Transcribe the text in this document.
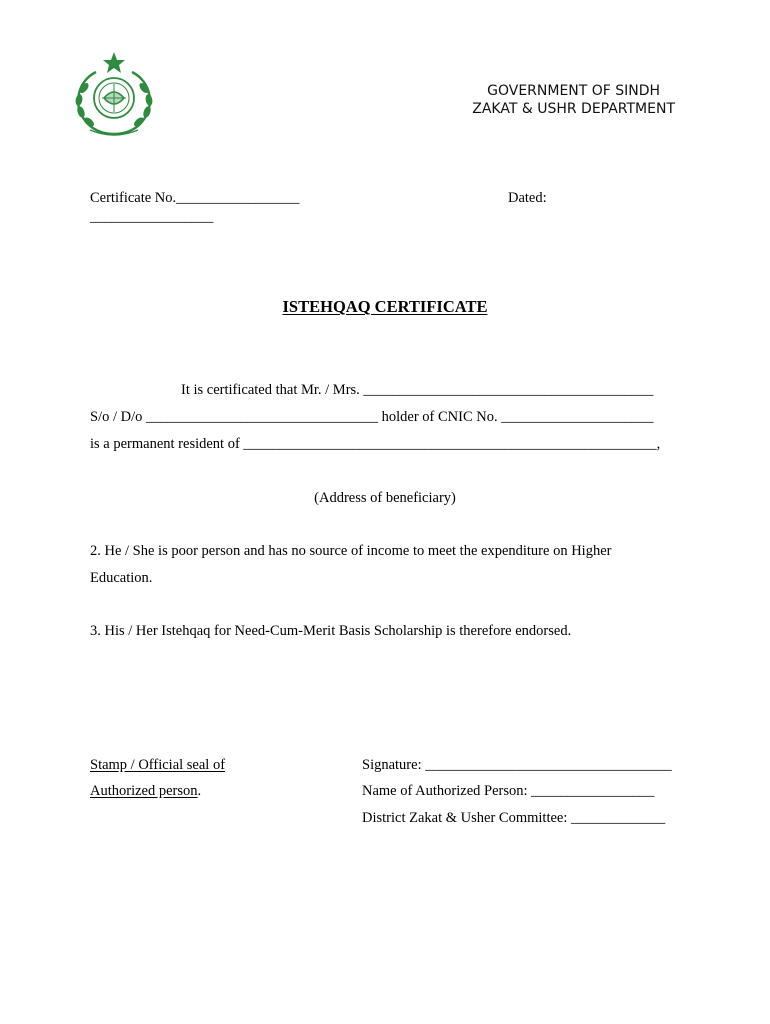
GOVERNMENT OF SINDH
ZAKAT & USHR DEPARTMENT
Certificate No._________________	Dated:
_________________
ISTEHQAQ CERTIFICATE
It is certificated that Mr. / Mrs. ________________________________________
S/o / D/o ________________________________ holder of CNIC No. _____________________
is a permanent resident of _________________________________________________________,
(Address of beneficiary)
2. He / She is poor person and has no source of income to meet the expenditure on Higher
Education.
3. His / Her Istehqaq for Need-Cum-Merit Basis Scholarship is therefore endorsed.
Stamp / Official seal of
Authorized person.
Signature: __________________________________
Name of Authorized Person: _________________
District Zakat & Usher Committee: _____________
